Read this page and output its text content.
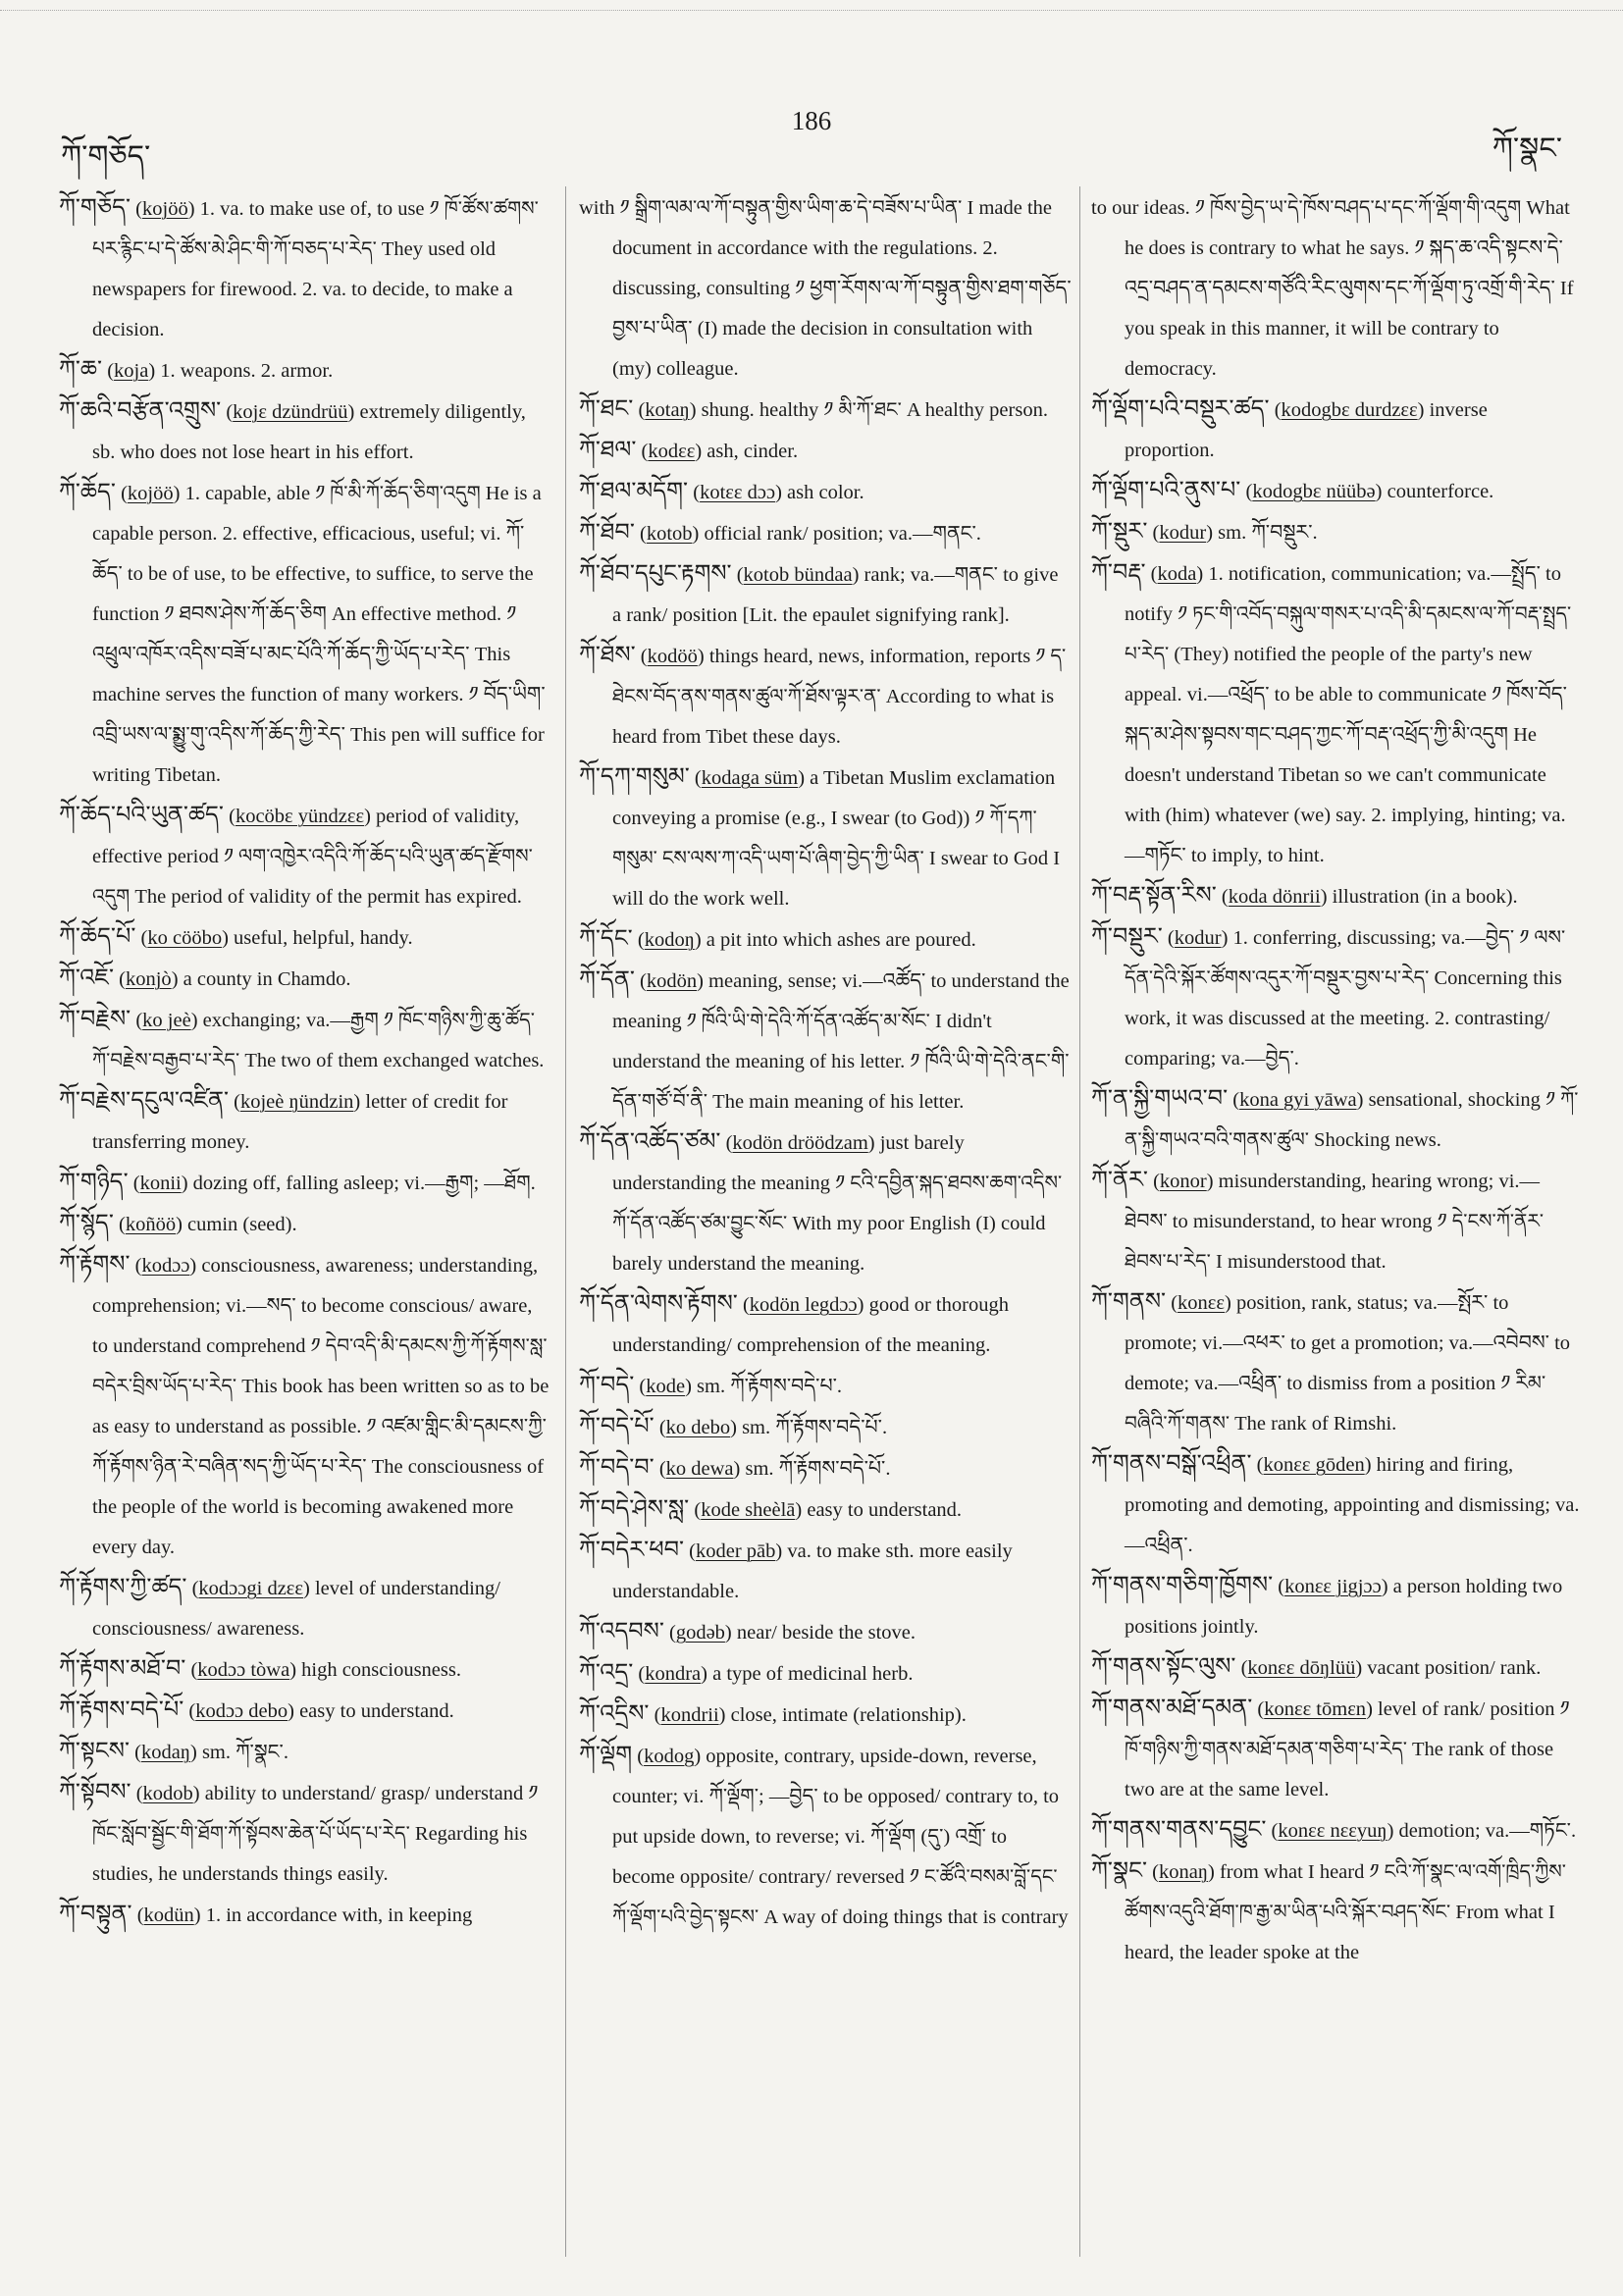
ཀོ་གཅོད་
186
ཀོ་སྣང་

ཀོ་གཅོད་ (kojöö) 1. va. to make use of, to use ༡ ཁོ་ཚོས་ཚགས་པར་རྙིང་པ་དེ་ཚོས་མེ་ཤིང་གི་ཀོ་བཅད་པ་རེད་ They used old newspapers for firewood. 2. va. to decide, to make a decision.

ཀོ་ཆ་ (koja) 1. weapons. 2. armor.

ཀོ་ཆའི་བརྩོན་འགྲུས་ (kojɛ dzündrüü) extremely diligently, sb. who does not lose heart in his effort.

ཀོ་ཆོད་ (kojöö) 1. capable, able ༡ ཁོ་མི་ཀོ་ཆོད་ཅིག་འདུག He is a capable person. 2. effective, efficacious, useful; vi. ཀོ་ཆོད་ to be of use, to be effective, to suffice, to serve the function ༡ ཐབས་ཤེས་ཀོ་ཆོད་ཅིག An effective method. ༡ འཕྲུལ་འཁོར་འདིས་བཟོ་པ་མང་པོའི་ཀོ་ཆོད་ཀྱི་ཡོད་པ་རེད་ This machine serves the function of many workers. ༡ བོད་ཡིག་འབྲི་ཡས་ལ་སྨྱུ་གུ་འདིས་ཀོ་ཆོད་ཀྱི་རེད་ This pen will suffice for writing Tibetan.

ཀོ་ཆོད་པའི་ཡུན་ཚད་ (kocöbɛ yündzɛɛ) period of validity, effective period ༡ ལག་འཁྱེར་འདིའི་ཀོ་ཆོད་པའི་ཡུན་ཚད་རྫོགས་འདུག The period of validity of the permit has expired.

ཀོ་ཆོད་པོ་ (ko cööbo) useful, helpful, handy.

ཀོ་འཇོ་ (konjò) a county in Chamdo.

ཀོ་བརྗེས་ (ko jeè) exchanging; va.—རྒྱག ༡ ཁོང་གཉིས་ཀྱི་ཆུ་ཚོད་ཀོ་བརྗེས་བརྒྱབ་པ་རེད་ The two of them exchanged watches.

ཀོ་བརྗེས་དངུལ་འཛིན་ (kojeè ŋündzin) letter of credit for transferring money.

ཀོ་གཉིད་ (konii) dozing off, falling asleep; vi.—རྒྱག; —ཐོག.

ཀོ་སྙོད་ (koñöö) cumin (seed).

ཀོ་རྟོགས་ (kodɔɔ) consciousness, awareness; understanding, comprehension; vi.—སད་ to become conscious/ aware, to understand comprehend ༡ དེབ་འདི་མི་དམངས་ཀྱི་ཀོ་རྟོགས་སླ་བདེར་བྲིས་ཡོད་པ་རེད་ This book has been written so as to be as easy to understand as possible. ༡ འཛམ་གླིང་མི་དམངས་ཀྱི་ཀོ་རྟོགས་ཉིན་རེ་བཞིན་སད་ཀྱི་ཡོད་པ་རེད་ The consciousness of the people of the world is becoming awakened more every day.

ཀོ་རྟོགས་ཀྱི་ཚད་ (kodɔɔgi dzɛɛ) level of understanding/ consciousness/ awareness.

ཀོ་རྟོགས་མཐོ་བ་ (kodɔɔ tòwa) high consciousness.

ཀོ་རྟོགས་བདེ་པོ་ (kodɔɔ debo) easy to understand.

ཀོ་སྟངས་ (kodaŋ) sm. ཀོ་སྣང་.

ཀོ་སྟོབས་ (kodob) ability to understand/ grasp/ understand ༡ ཁོང་སློབ་སྦྱོང་གི་ཐོག་ཀོ་སྟོབས་ཆེན་པོ་ཡོད་པ་རེད་ Regarding his studies, he understands things easily.

ཀོ་བསྟུན་ (kodün) 1. in accordance with, in keeping

with ༡ སྒྲིག་ལམ་ལ་ཀོ་བསྟུན་གྱིས་ཡིག་ཆ་དེ་བཟོས་པ་ཡིན་ I made the document in accordance with the regulations. 2. discussing, consulting ༡ ཕྱག་རོགས་ལ་ཀོ་བསྟུན་གྱིས་ཐག་གཅོད་བྱས་པ་ཡིན་ (I) made the decision in consultation with (my) colleague.

ཀོ་ཐང་ (kotaŋ) shung. healthy ༡ མི་ཀོ་ཐང་ A healthy person.

ཀོ་ཐལ་ (kodɛɛ) ash, cinder.

ཀོ་ཐལ་མདོག་ (kotɛɛ dɔɔ) ash color.

ཀོ་ཐོབ་ (kotob) official rank/ position; va.—གནང་.

ཀོ་ཐོབ་དཔུང་རྟགས་ (kotob bündaa) rank; va.—གནང་ to give a rank/ position [Lit. the epaulet signifying rank].

ཀོ་ཐོས་ (kodöö) things heard, news, information, reports ༡ ད་ཐེངས་བོད་ནས་གནས་ཚུལ་ཀོ་ཐོས་ལྟར་ན་ According to what is heard from Tibet these days.

ཀོ་དཀ་གསུམ་ (kodaga süm) a Tibetan Muslim exclamation conveying a promise (e.g., I swear (to God)) ༡ ཀོ་དཀ་གསུམ་ ངས་ལས་ཀ་འདི་ཡག་པོ་ཞིག་བྱེད་ཀྱི་ཡིན་ I swear to God I will do the work well.

ཀོ་དོང་ (kodoŋ) a pit into which ashes are poured.

ཀོ་དོན་ (kodön) meaning, sense; vi.—འཚོད་ to understand the meaning ༡ ཁོའི་ཡི་གེ་དེའི་ཀོ་དོན་འཚོད་མ་སོང་ I didn't understand the meaning of his letter. ༡ ཁོའི་ཡི་གེ་དེའི་ནང་གི་དོན་གཙོ་བོ་ནི་ The main meaning of his letter.

ཀོ་དོན་འཚོད་ཙམ་ (kodön dröödzam) just barely understanding the meaning ༡ ངའི་དབྱིན་སྐད་ཐབས་ཆག་འདིས་ཀོ་དོན་འཚོད་ཙམ་བྱུང་སོང་ With my poor English (I) could barely understand the meaning.

ཀོ་དོན་ལེགས་རྟོགས་ (kodön legdɔɔ) good or thorough understanding/ comprehension of the meaning.

ཀོ་བདེ་ (kode) sm. ཀོ་རྟོགས་བདེ་པ་.

ཀོ་བདེ་པོ་ (ko debo) sm. ཀོ་རྟོགས་བདེ་པོ་.

ཀོ་བདེ་བ་ (ko dewa) sm. ཀོ་རྟོགས་བདེ་པོ་.

ཀོ་བདེ་ཤེས་སླ་ (kode sheèlā) easy to understand.

ཀོ་བདེར་ཕབ་ (koder pāb) va. to make sth. more easily understandable.

ཀོ་འདབས་ (godəb) near/ beside the stove.

ཀོ་འདྲ་ (kondra) a type of medicinal herb.

ཀོ་འདྲིས་ (kondrii) close, intimate (relationship).

ཀོ་ལྡོག (kodog) opposite, contrary, upside-down, reverse, counter; vi. ཀོ་ལྡོག་; —བྱེད་ to be opposed/ contrary to, to put upside down, to reverse; vi. ཀོ་ལྡོག (དུ་) འགྲོ་ to become opposite/ contrary/ reversed ༡ ང་ཚོའི་བསམ་བློ་དང་ཀོ་ལྡོག་པའི་བྱེད་སྟངས་ A way of doing things that is contrary

to our ideas. ༡ ཁོས་བྱེད་ཡ་དེ་ཁོས་བཤད་པ་དང་ཀོ་ལྡོག་གི་འདུག What he does is contrary to what he says. ༡ སྐད་ཆ་འདི་སྟངས་དེ་འདྲ་བཤད་ན་དམངས་གཙོའི་རིང་ལུགས་དང་ཀོ་ལྡོག་ཏུ་འགྲོ་གི་རེད་ If you speak in this manner, it will be contrary to democracy.

ཀོ་ལྡོག་པའི་བསྡུར་ཚད་ (kodogbɛ durdzɛɛ) inverse proportion.

ཀོ་ལྡོག་པའི་ནུས་པ་ (kodogbɛ nüübə) counterforce.

ཀོ་སྡུར་ (kodur) sm. ཀོ་བསྡུར་.

ཀོ་བརྡ་ (koda) 1. notification, communication; va.—སྤྲོད་ to notify ༡ ཏང་གི་འབོད་བསྐུལ་གསར་པ་འདི་མི་དམངས་ལ་ཀོ་བརྡ་སྤྲད་པ་རེད་ (They) notified the people of the party's new appeal. vi.—འཕྲོད་ to be able to communicate ༡ ཁོས་བོད་སྐད་མ་ཤེས་སྟབས་གང་བཤད་ཀྱང་ཀོ་བརྡ་འཕྲོད་ཀྱི་མི་འདུག He doesn't understand Tibetan so we can't communicate with (him) whatever (we) say. 2. implying, hinting; va.—གཏོང་ to imply, to hint.

ཀོ་བརྡ་སྟོན་རིས་ (koda dönrii) illustration (in a book).

ཀོ་བསྡུར་ (kodur) 1. conferring, discussing; va.—བྱེད་ ༡ ལས་དོན་དེའི་སྐོར་ཚོགས་འདུར་ཀོ་བསྡུར་བྱས་པ་རེད་ Concerning this work, it was discussed at the meeting. 2. contrasting/ comparing; va.—བྱེད་.

ཀོ་ན་སྐྱི་གཡའ་བ་ (kona gyi yāwa) sensational, shocking ༡ ཀོ་ན་སྐྱི་གཡའ་བའི་གནས་ཚུལ་ Shocking news.

ཀོ་ནོར་ (konor) misunderstanding, hearing wrong; vi.—ཐེབས་ to misunderstand, to hear wrong ༡ དེ་ངས་ཀོ་ནོར་ཐེབས་པ་རེད་ I misunderstood that.

ཀོ་གནས་ (konɛɛ) position, rank, status; va.—སྤོར་ to promote; vi.—འཕར་ to get a promotion; va.—འབེབས་ to demote; va.—འཕྲིན་ to dismiss from a position ༡ རིམ་བཞིའི་ཀོ་གནས་ The rank of Rimshi.

ཀོ་གནས་བསྒོ་འཕྲིན་ (konɛɛ gōden) hiring and firing, promoting and demoting, appointing and dismissing; va.—འཕྲིན་.

ཀོ་གནས་གཅིག་ཁྱོགས་ (konɛɛ jigjɔɔ) a person holding two positions jointly.

ཀོ་གནས་སྟོང་ལུས་ (konɛɛ dōŋlüü) vacant position/ rank.

ཀོ་གནས་མཐོ་དམན་ (konɛɛ tōmɛn) level of rank/ position ༡ ཁོ་གཉིས་ཀྱི་གནས་མཐོ་དམན་གཅིག་པ་རེད་ The rank of those two are at the same level.

ཀོ་གནས་གནས་དབྱུང་ (konɛɛ nɛɛyuŋ) demotion; va.—གཏོང་.

ཀོ་སྣང་ (konaŋ) from what I heard ༡ ངའི་ཀོ་སྣང་ལ་འགོ་ཁྲིད་ཀྱིས་ཚོགས་འདུའི་ཐོག་ཁ་རྒྱ་མ་ཡིན་པའི་སྐོར་བཤད་སོང་ From what I heard, the leader spoke at the
